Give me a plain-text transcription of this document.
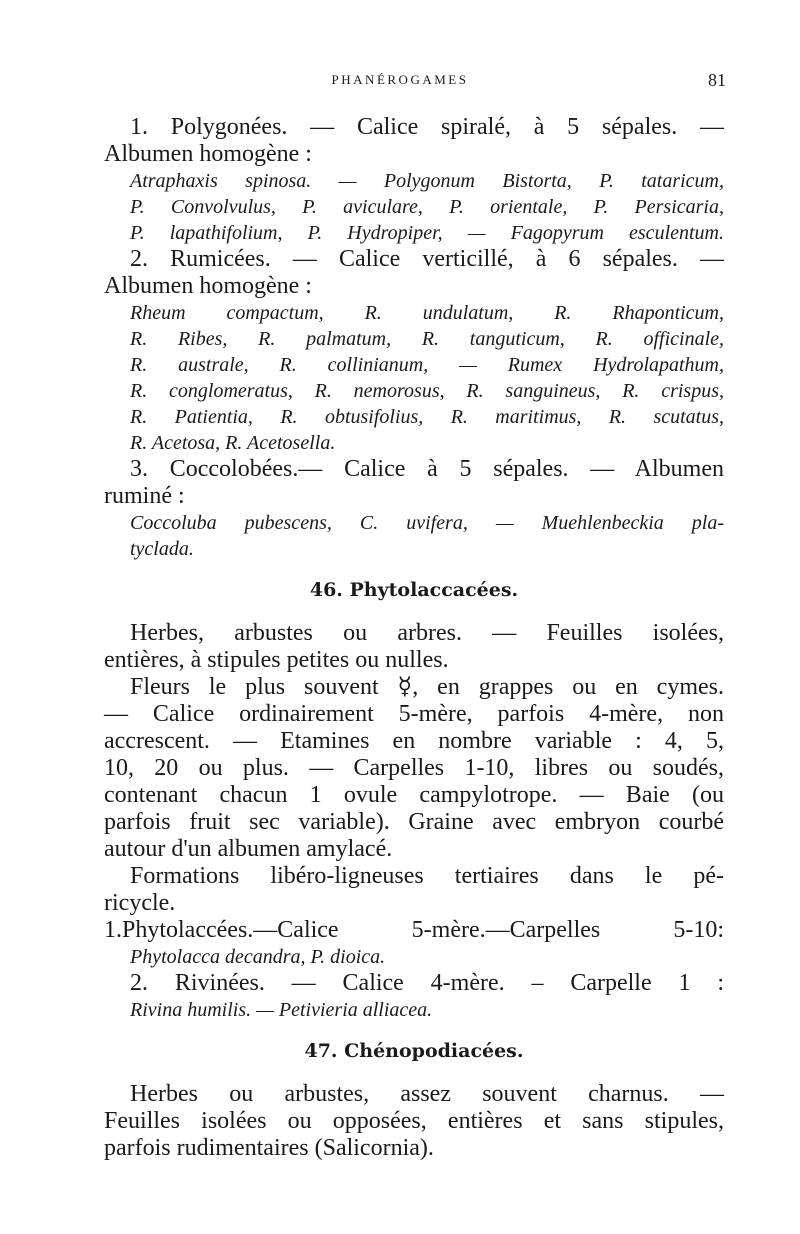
PHANÉROGAMES	81
1. Polygonées. — Calice spiralé, à 5 sépales. —
Albumen homogène :
Atraphaxis spinosa. — Polygonum Bistorta, P. tataricum,
P. Convolvulus, P. aviculare, P. orientale, P. Persicaria,
P. lapathifolium, P. Hydropiper, — Fagopyrum esculentum.
2. Rumicées. — Calice verticillé, à 6 sépales. —
Albumen homogène :
Rheum compactum, R. undulatum, R. Rhaponticum,
R. Ribes, R. palmatum, R. tanguticum, R. officinale,
R. australe, R. collinianum, — Rumex Hydrolapathum,
R. conglomeratus, R. nemorosus, R. sanguineus, R. crispus,
R. Patientia, R. obtusifolius, R. maritimus, R. scutatus,
R. Acetosa, R. Acetosella.
3. Coccolobées.— Calice à 5 sépales. — Albumen
ruminé :
Coccoluba pubescens, C. uvifera, — Muehlenbeckia pla-
tyclada.
46. Phytolaccacées.
Herbes, arbustes ou arbres. — Feuilles isolées,
entières, à stipules petites ou nulles.
Fleurs le plus souvent ☿, en grappes ou en cymes.
— Calice ordinairement 5-mère, parfois 4-mère, non
accrescent. — Etamines en nombre variable : 4, 5,
10, 20 ou plus. — Carpelles 1-10, libres ou soudés,
contenant chacun 1 ovule campylotrope. — Baie (ou
parfois fruit sec variable). Graine avec embryon courbé
autour d'un albumen amylacé.
Formations libéro-ligneuses tertiaires dans le pé-
ricycle.
1.Phytolaccées.—Calice 5-mère.—Carpelles 5-10:
Phytolacca decandra, P. dioica.
2. Rivinées. — Calice 4-mère. – Carpelle 1 :
Rivina humilis. — Petivieria alliacea.
47. Chénopodiacées.
Herbes ou arbustes, assez souvent charnus. —
Feuilles isolées ou opposées, entières et sans stipules,
parfois rudimentaires (Salicornia).
